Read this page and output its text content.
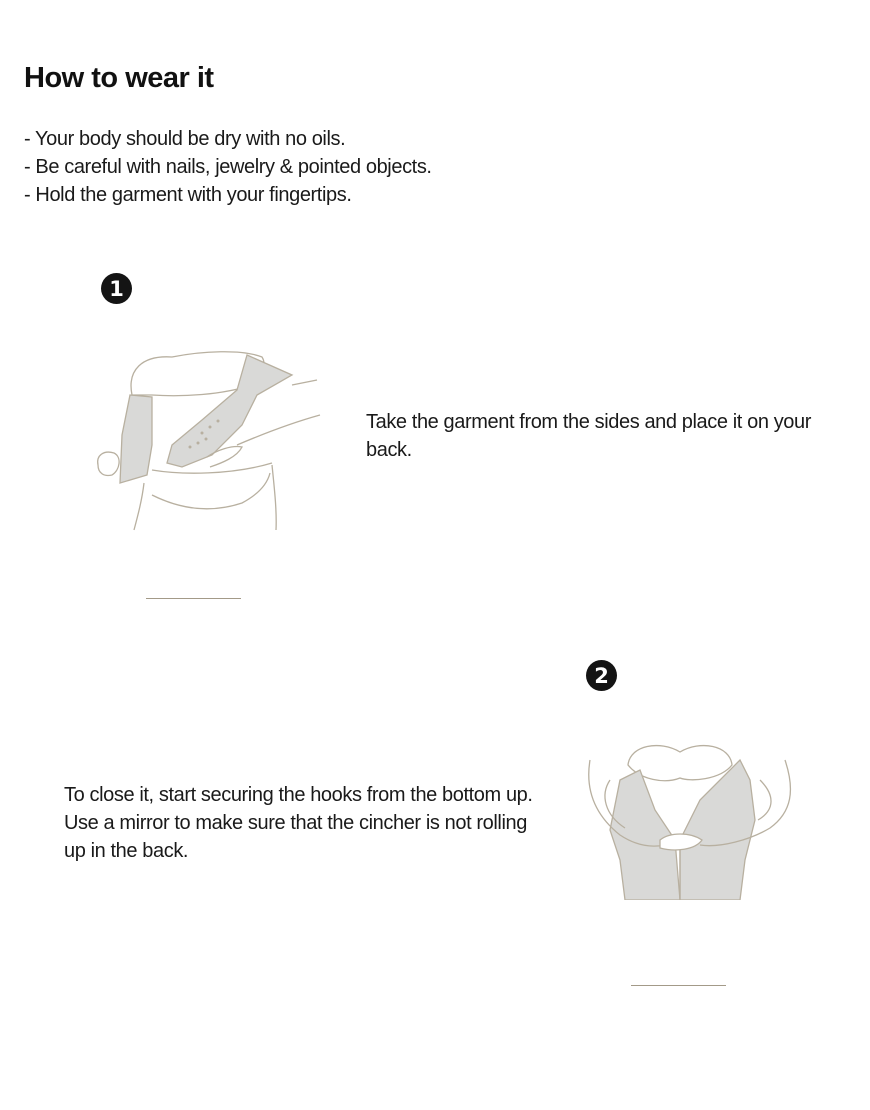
How to wear it
- Your body should be dry with no oils.
- Be careful with nails, jewelry & pointed objects.
- Hold the garment with your fingertips.
1

Take the garment from the sides and place it on your back.

2

To close it, start securing the hooks from the bottom up. Use a mirror to make sure that the cincher is not rolling up in the back.
